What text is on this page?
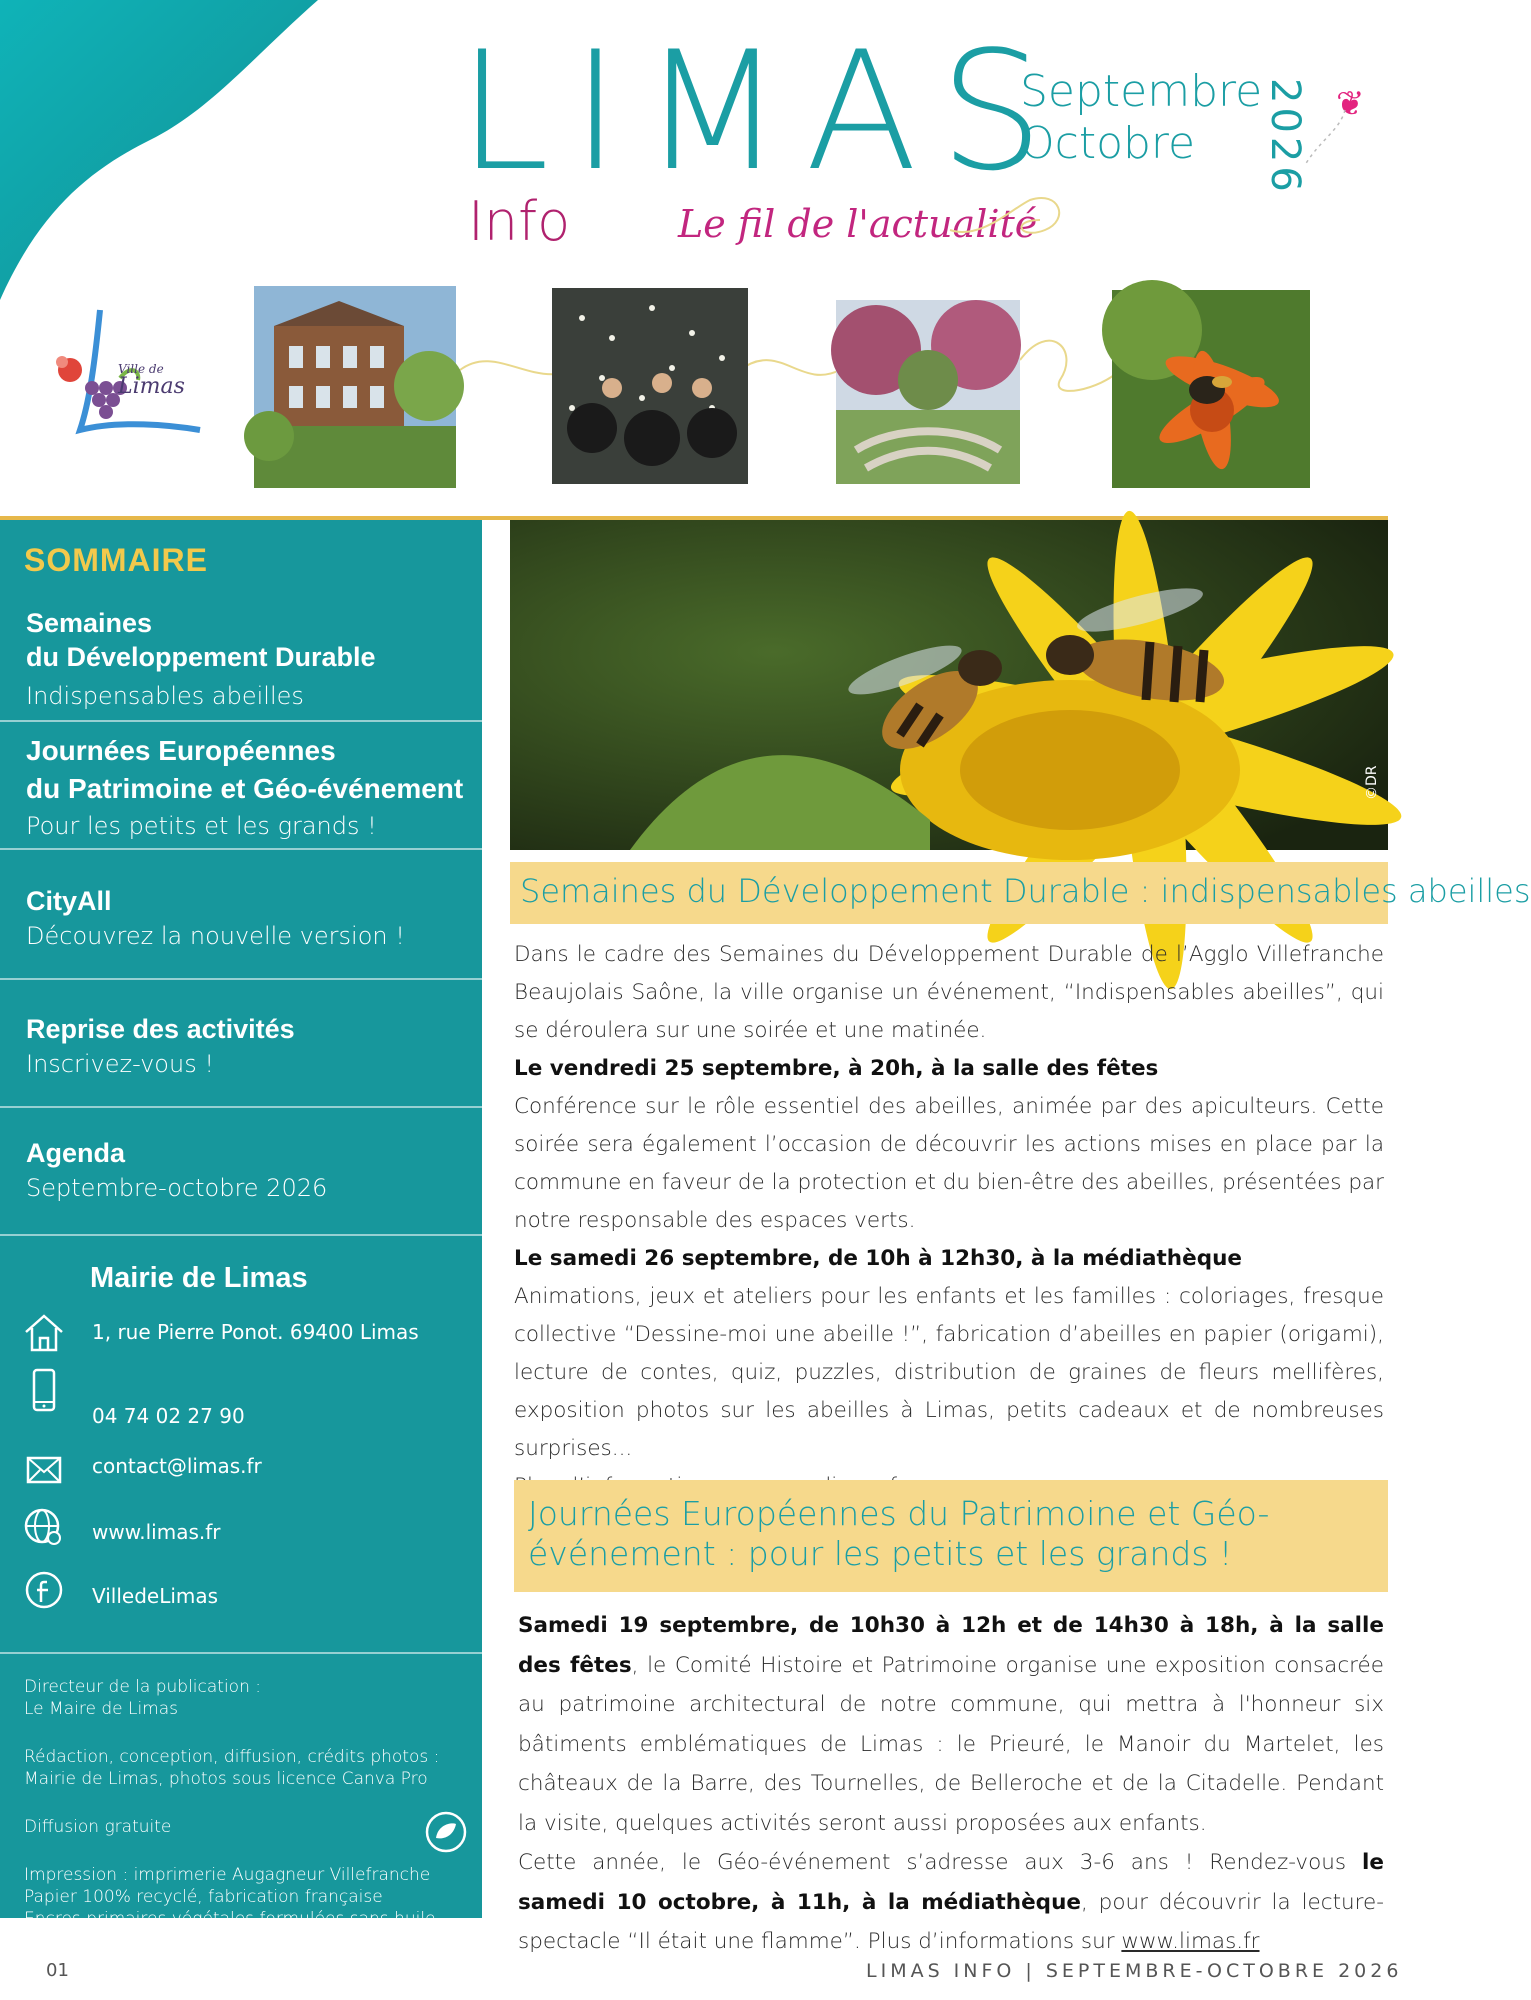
LIMAS
Info	Le fil de l'actualité
Septembre
Octobre	2026 ❦
Ville de
Limas
SOMMAIRE
Semaines
du Développement Durable
Indispensables abeilles
Journées Européennes
du Patrimoine et Géo-événement
Pour les petits et les grands !
CityAll
Découvrez la nouvelle version !
Reprise des activités
Inscrivez-vous !
Agenda
Septembre-octobre 2026
Mairie de Limas
1, rue Pierre Ponot. 69400 Limas
04 74 02 27 90
contact@limas.fr
www.limas.fr
VilledeLimas
Directeur de la publication :
Le Maire de Limas
Rédaction, conception, diffusion, crédits photos :
Mairie de Limas, photos sous licence Canva Pro
Diffusion gratuite
Impression : imprimerie Augagneur Villefranche
Papier 100% recyclé, fabrication française
Encres primaires végétales formulées sans huile minérale
©DR
Semaines du Développement Durable : indispensables abeilles
Dans le cadre des Semaines du Développement Durable de l’Agglo Villefranche Beaujolais Saône, la ville organise un événement, “Indispensables abeilles”, qui se déroulera sur une soirée et une matinée.
Le vendredi 25 septembre, à 20h, à la salle des fêtes
Conférence sur le rôle essentiel des abeilles, animée par des apiculteurs. Cette soirée sera également l’occasion de découvrir les actions mises en place par la commune en faveur de la protection et du bien-être des abeilles, présentées par notre responsable des espaces verts.
Le samedi 26 septembre, de 10h à 12h30, à la médiathèque
Animations, jeux et ateliers pour les enfants et les familles : coloriages, fresque collective “Dessine-moi une abeille !”, fabrication d’abeilles en papier (origami), lecture de contes, quiz, puzzles, distribution de graines de fleurs mellifères, exposition photos sur les abeilles à Limas, petits cadeaux et de nombreuses surprises...
Journées Européennes du Patrimoine et Géo-événement : pour les petits et les grands !
Samedi 19 septembre, de 10h30 à 12h et de 14h30 à 18h, à la salle des fêtes, le Comité Histoire et Patrimoine organise une exposition consacrée au patrimoine architectural de notre commune, qui mettra à l'honneur six bâtiments emblématiques de Limas : le Prieuré, le Manoir du Martelet, les châteaux de la Barre, des Tournelles, de Belleroche et de la Citadelle. Pendant la visite, quelques activités seront aussi proposées aux enfants.
Cette année, le Géo-événement s’adresse aux 3-6 ans ! Rendez-vous le samedi 10 octobre, à 11h, à la médiathèque, pour découvrir la lecture-spectacle “Il était une flamme”. Plus d’informations sur www.limas.fr
01	LIMAS INFO | SEPTEMBRE-OCTOBRE 2026
